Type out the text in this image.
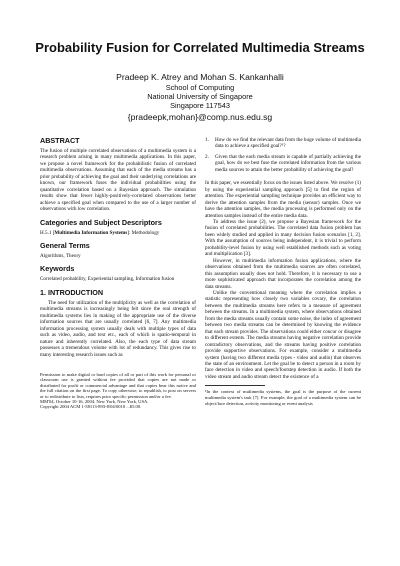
Probability Fusion for Correlated Multimedia Streams
Pradeep K. Atrey and Mohan S. Kankanhalli
School of Computing
National University of Singapore
Singapore 117543
{pradeepk,mohan}@comp.nus.edu.sg
ABSTRACT

The fusion of multiple correlated observations of a multimedia system is a research problem arising in many multimedia applications. In this paper, we propose a novel framework for the probabilistic fusion of correlated multimedia observations. Assuming that each of the media streams has a prior probability of achieving the goal and their underlying correlations are known, our framework fuses the individual probabilities using the quantitative correlation based on a Bayesian approach. The simulation results show that fewer highly-positively-correlated observations better achieve a specified goal when compared to the use of a larger number of observations with low correlation.

Categories and Subject Descriptors

H.5.1 [Multimedia Information Systems]: Methodology

General Terms

Algorithms, Theory

Keywords

Correlated probability, Experiential sampling, Information fusion

1. INTRODUCTION

The need for utilization of the multiplicity as well as the correlation of multimedia streams is increasingly being felt since the real strength of multimedia systems lies in making of the appropriate use of the diverse information sources that are usually correlated [6, 7]. Any multimedia information processing system usually deals with multiple types of data such as video, audio, and text etc., each of which is spatio-temporal in nature and inherently correlated. Also, the each type of data stream possesses a tremendous volume with lot of redundancy. This gives rise to many interesting research issues such as

Permission to make digital or hard copies of all or part of this work for personal or classroom use is granted without fee provided that copies are not made or distributed for profit or commercial advantage and that copies bear this notice and the full citation on the first page. To copy otherwise, to republish, to post on servers or to redistribute to lists, requires prior specific permission and/or a fee.

MM'04, October 10-16, 2004, New York, New York, USA.

Copyright 2004 ACM 1-58113-893-8/04/0010 ...$5.00.

1. How do we find the relevant data from the huge volume of multimedia data to achieve a specified goal?¹?
2. Given that the each media stream is capable of partially achieving the goal, how do we best fuse the correlated information from the various media sources to attain the better probability of achieving the goal?

In this paper, we essentially focus on the issues listed above. We resolve (1) by using the experiential sampling approach [5] to find the region of attention. The experiential sampling technique provides an efficient way to derive the attention samples from the media (sensor) samples. Once we have the attention samples, the media processing is performed only on the attention samples instead of the entire media data.

To address the issue (2), we propose a Bayesian framework for the fusion of correlated probabilities. The correlated data fusion problem has been widely studied and applied in many decision fusion scenarios [1, 2]. With the assumption of sources being independent, it is trivial to perform probability-level fusion by using well established methods such as voting and multiplication [3].

However, in multimedia information fusion applications, where the observations obtained from the multimedia sources are often correlated, this assumption usually does not hold. Therefore, it is necessary to use a more sophisticated approach that incorporates the correlation among the data streams.

Unlike the conventional meaning where the correlation implies a statistic representing how closely two variables covary, the correlation between the multimedia streams here refers to a measure of agreement between the streams. In a multimedia system, where observations obtained from the media streams usually contain some noise, the index of agreement between two media streams can be determined by knowing the evidence that each stream provides. The observations could either concur or disagree to different extents. The media streams having negative correlation provide contradictory observations, and the streams having positive correlation provide supportive observations. For example, consider a multimedia system (having two different media types - video and audio) that observes the state of an environment. Let the goal be to detect a person in a room by face detection in video and speech/footstep detection in audio. If both the video stream and audio stream detect the existence of a

¹In the context of multimedia systems, the goal is the purpose of the current multimedia system's task [7]. For example, the goal of a multimedia system can be object/face detection, activity monitoring or event analysis
